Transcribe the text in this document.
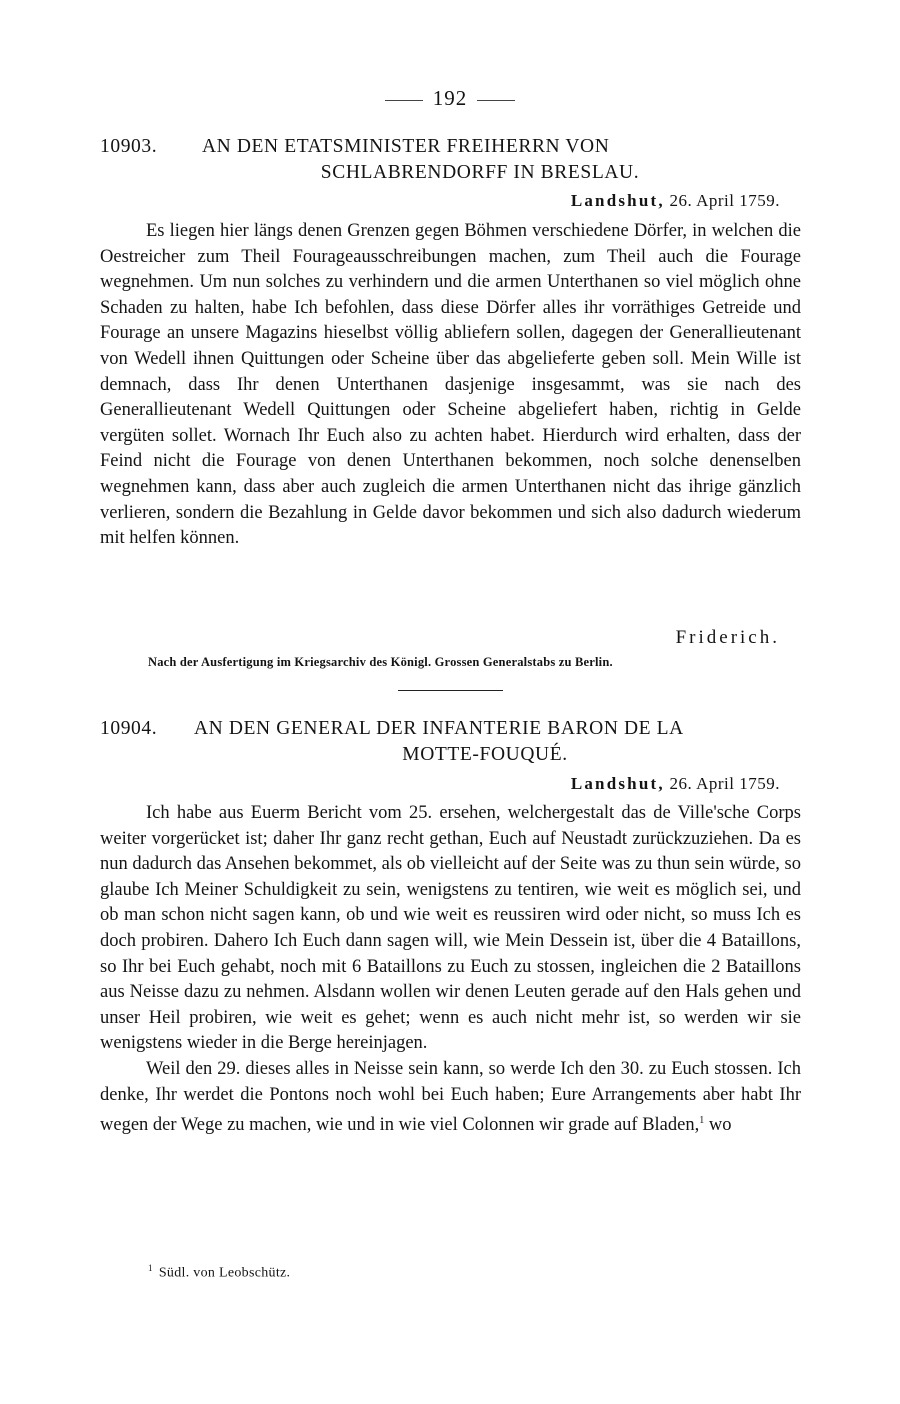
192
10903. AN DEN ETATSMINISTER FREIHERRN VON
SCHLABRENDORFF IN BRESLAU.
Landshut, 26. April 1759.

Es liegen hier längs denen Grenzen gegen Böhmen verschiedene Dörfer, in welchen die Oestreicher zum Theil Fourageausschreibungen machen, zum Theil auch die Fourage wegnehmen. Um nun solches zu verhindern und die armen Unterthanen so viel möglich ohne Schaden zu halten, habe Ich befohlen, dass diese Dörfer alles ihr vorräthiges Getreide und Fourage an unsere Magazins hieselbst völlig abliefern sollen, dagegen der Generallieutenant von Wedell ihnen Quittungen oder Scheine über das abgelieferte geben soll. Mein Wille ist demnach, dass Ihr denen Unterthanen dasjenige insgesammt, was sie nach des Generallieutenant Wedell Quittungen oder Scheine abgeliefert haben, richtig in Gelde vergüten sollet. Wornach Ihr Euch also zu achten habet. Hierdurch wird erhalten, dass der Feind nicht die Fourage von denen Unterthanen bekommen, noch solche denenselben wegnehmen kann, dass aber auch zugleich die armen Unterthanen nicht das ihrige gänzlich verlieren, sondern die Bezahlung in Gelde davor bekommen und sich also dadurch wiederum mit helfen können.

Friderich.
Nach der Ausfertigung im Kriegsarchiv des Königl. Grossen Generalstabs zu Berlin.
10904. AN DEN GENERAL DER INFANTERIE BARON DE LA
MOTTE-FOUQUÉ.
Landshut, 26. April 1759.

Ich habe aus Euerm Bericht vom 25. ersehen, welchergestalt das de Ville'sche Corps weiter vorgerücket ist; daher Ihr ganz recht gethan, Euch auf Neustadt zurückzuziehen. Da es nun dadurch das Ansehen bekommet, als ob vielleicht auf der Seite was zu thun sein würde, so glaube Ich Meiner Schuldigkeit zu sein, wenigstens zu tentiren, wie weit es möglich sei, und ob man schon nicht sagen kann, ob und wie weit es reussiren wird oder nicht, so muss Ich es doch probiren. Dahero Ich Euch dann sagen will, wie Mein Dessein ist, über die 4 Bataillons, so Ihr bei Euch gehabt, noch mit 6 Bataillons zu Euch zu stossen, ingleichen die 2 Bataillons aus Neisse dazu zu nehmen. Alsdann wollen wir denen Leuten gerade auf den Hals gehen und unser Heil probiren, wie weit es gehet; wenn es auch nicht mehr ist, so werden wir sie wenigstens wieder in die Berge hereinjagen.

Weil den 29. dieses alles in Neisse sein kann, so werde Ich den 30. zu Euch stossen. Ich denke, Ihr werdet die Pontons noch wohl bei Euch haben; Eure Arrangements aber habt Ihr wegen der Wege zu machen, wie und in wie viel Colonnen wir grade auf Bladen,$^1$ wo

$^1$ Südl. von Leobschütz.
